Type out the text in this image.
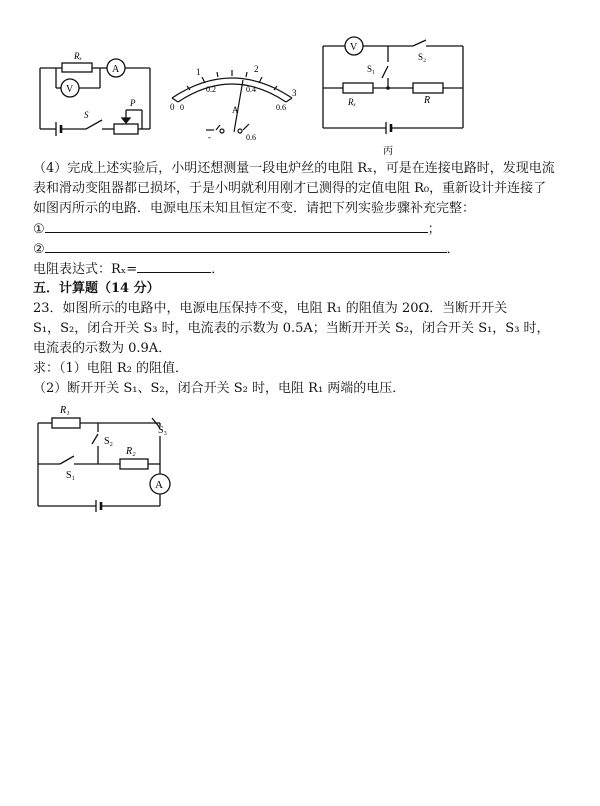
Rₓ
A
V
S
P	0
1	2
3
0
0.2	0.4
0.6
A
-	0.6
V
S₂
S₁
Rₓ	R
丙
（4）完成上述实验后，小明还想测量一段电炉丝的电阻 Rₓ，可是在连接电路时，发现电流
表和滑动变阻器都已损坏，于是小明就利用刚才已测得的定值电阻 R₀，重新设计并连接了
如图丙所示的电路．电源电压未知且恒定不变．请把下列实验步骤补充完整：
①	；
②	．
电阻表达式：Rₓ=	．
五．计算题（14 分）
23．如图所示的电路中，电源电压保持不变，电阻 R₁ 的阻值为 20Ω．当断开开关
S₁，S₂，闭合开关 S₃ 时，电流表的示数为 0.5A；当断开开关 S₂，闭合开关 S₁，S₃ 时，
电流表的示数为 0.9A．
求：（1）电阻 R₂ 的阻值．
（2）断开开关 S₁、S₂，闭合开关 S₂ 时，电阻 R₁ 两端的电压．
R₁
S₂
S₃
R₂
S₁
A
